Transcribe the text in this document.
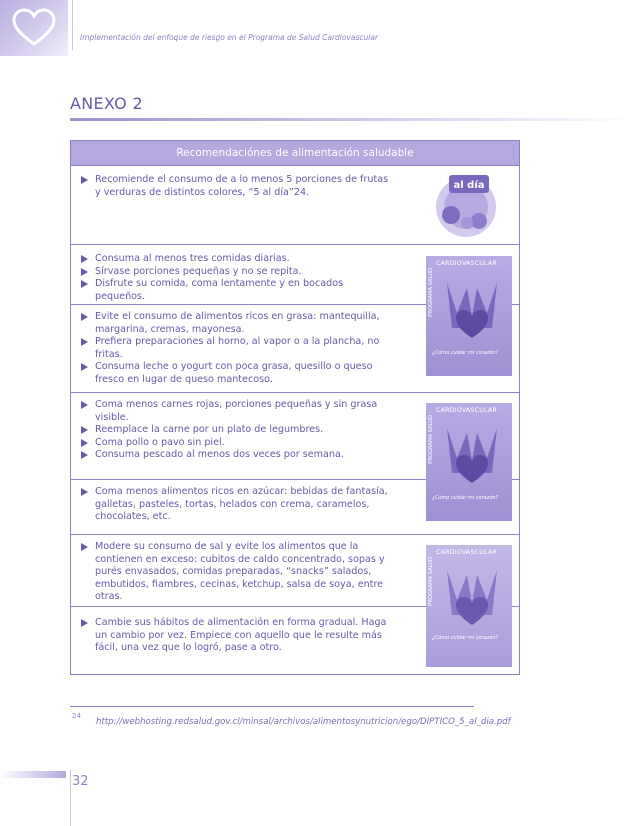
Implementación del enfoque de riesgo en el Programa de Salud Cardiovascular
ANEXO 2
Recomendaciónes de alimentación saludable
Recomiende el consumo de a lo menos 5 porciones de frutas y verduras de distintos colores, “5 al día”24.
Consuma al menos tres comidas diarias.
Sírvase porciones pequeñas y no se repita.
Disfrute su comida, coma lentamente y en bocados pequeños.
Evite el consumo de alimentos ricos en grasa: mantequilla, margarina, cremas, mayonesa.
Prefiera preparaciones al horno, al vapor o a la plancha, no fritas.
Consuma leche o yogurt con poca grasa, quesillo o queso fresco en lugar de queso mantecoso.
Coma menos carnes rojas, porciones pequeñas y sin grasa visible.
Reemplace la carne por un plato de legumbres.
Coma pollo o pavo sin piel.
Consuma pescado al menos dos veces por semana.
Coma menos alimentos ricos en azúcar: bebidas de fantasía, galletas, pasteles, tortas, helados con crema, caramelos, chocolates, etc.
Modere su consumo de sal y evite los alimentos que la contienen en exceso: cubitos de caldo concentrado, sopas y purés envasados, comidas preparadas, “snacks” salados, embutidos, fiambres, cecinas, ketchup, salsa de soya, entre otras.
Cambie sus hábitos de alimentación en forma gradual. Haga un cambio por vez. Empiece con aquello que le resulte más fácil, una vez que lo logró, pase a otro.
al día
CARDIOVASCULAR
PROGRAMA SALUD
¿Cómo cuidar mi corazón?
CARDIOVASCULAR
PROGRAMA SALUD
¿Cómo cuidar mi corazón?
CARDIOVASCULAR
PROGRAMA SALUD
¿Cómo cuidar mi corazón?
24
http://webhosting.redsalud.gov.cl/minsal/archivos/alimentosynutricion/ego/DIPTICO_5_al_dia.pdf
32
